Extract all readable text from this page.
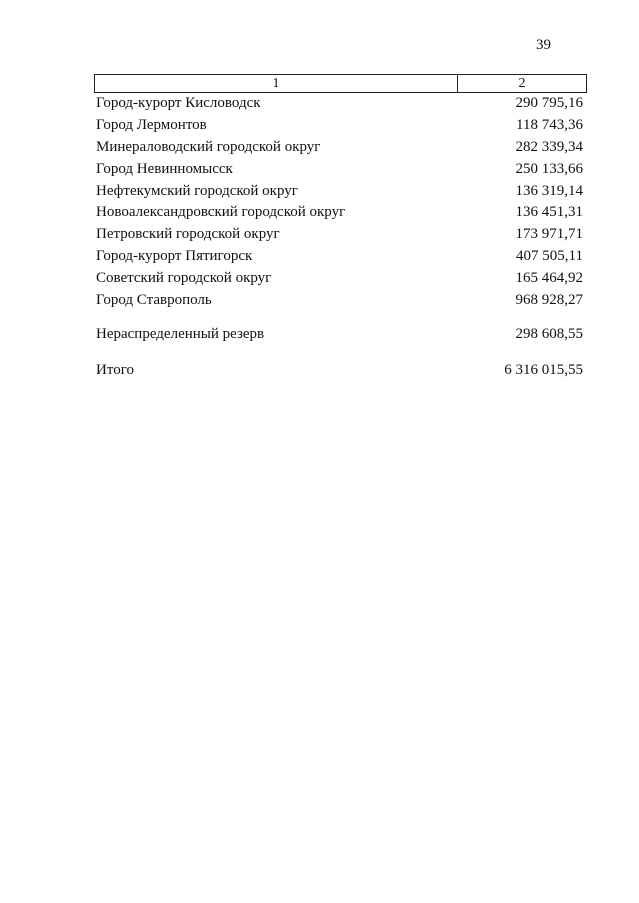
39
1	2
Город-курорт Кисловодск	290 795,16
Город Лермонтов	118 743,36
Минераловодский городской округ	282 339,34
Город Невинномысск	250 133,66
Нефтекумский городской округ	136 319,14
Новоалександровский городской округ	136 451,31
Петровский городской округ	173 971,71
Город-курорт Пятигорск	407 505,11
Советский городской округ	165 464,92
Город Ставрополь	968 928,27
Нераспределенный резерв	298 608,55
Итого	6 316 015,55
